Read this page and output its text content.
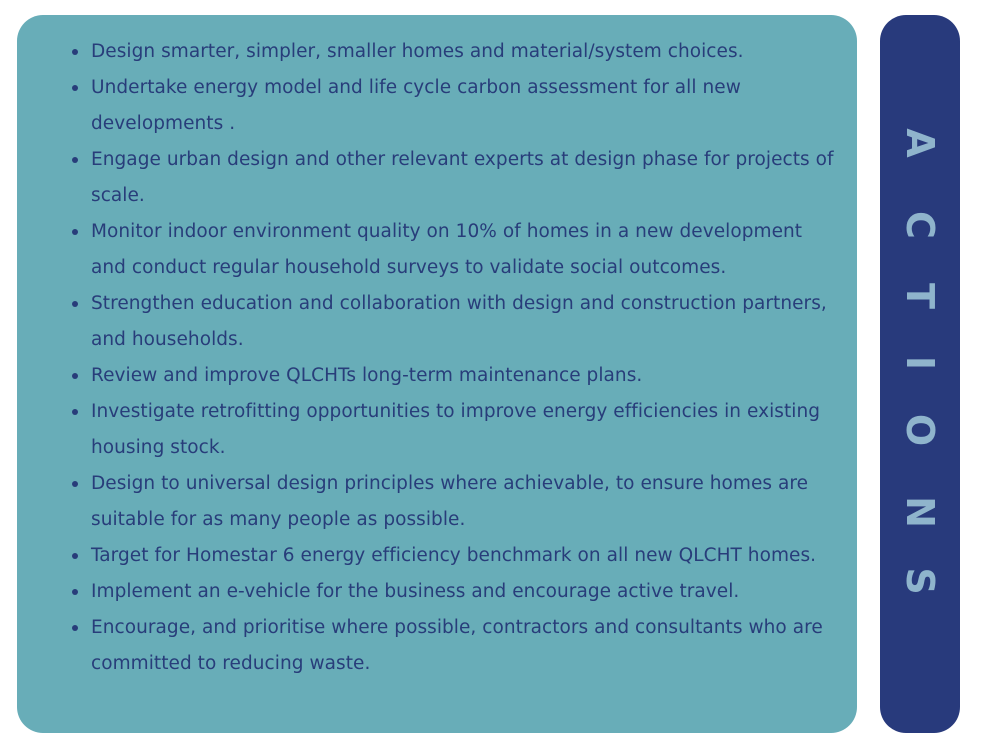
Design smarter, simpler, smaller homes and material/system choices.
Undertake energy model and life cycle carbon assessment for all new developments .
Engage urban design and other relevant experts at design phase for projects of scale.
Monitor indoor environment quality on 10% of homes in a new development and conduct regular household surveys to validate social outcomes.
Strengthen education and collaboration with design and construction partners, and households.
Review and improve QLCHTs long-term maintenance plans.
Investigate retrofitting opportunities to improve energy efficiencies in existing housing stock.
Design to universal design principles where achievable, to ensure homes are suitable for as many people as possible.
Target for Homestar 6 energy efficiency benchmark on all new QLCHT homes.
Implement an e-vehicle for the business and encourage active travel.
Encourage, and prioritise where possible, contractors and consultants who are committed to reducing waste.
A
C
T
I
O
N
S
